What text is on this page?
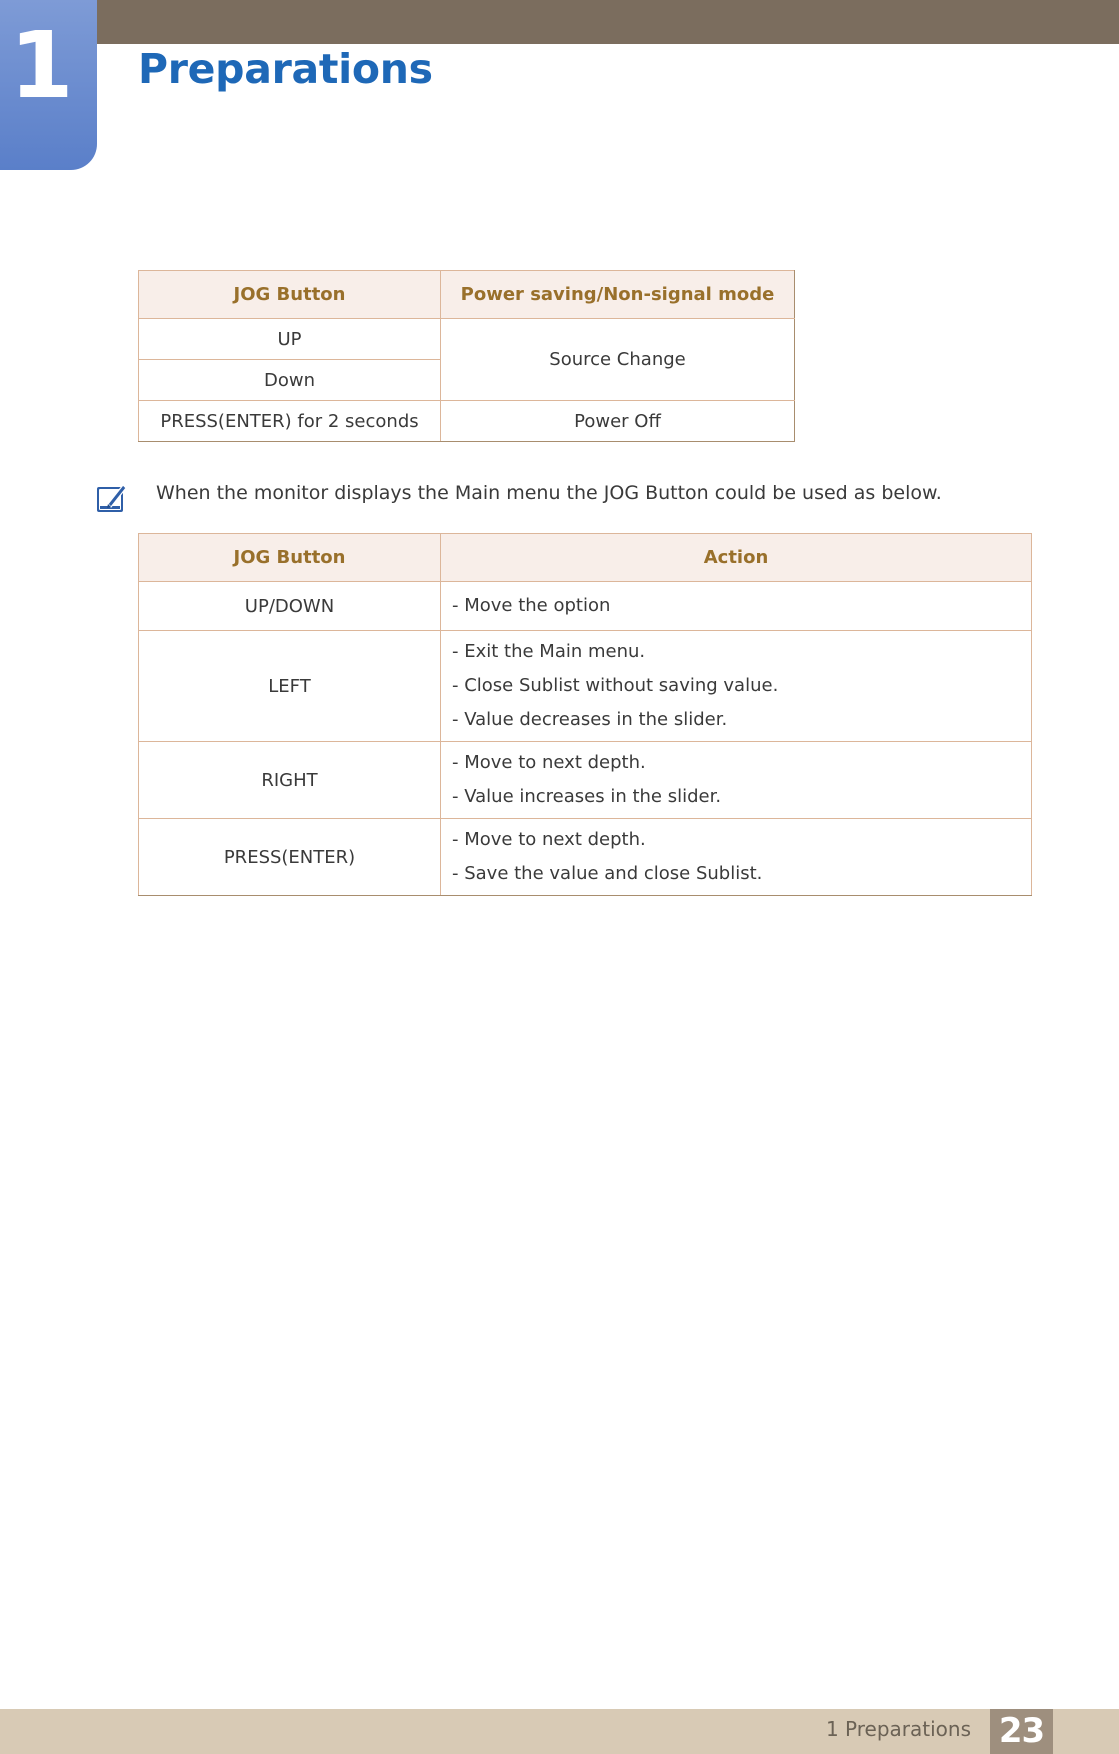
1	Preparations
JOG Button	Power saving/Non-signal mode
UP	Source Change
Down	
PRESS(ENTER) for 2 seconds	Power Off

When the monitor displays the Main menu the JOG Button could be used as below.

JOG Button	Action
UP/DOWN	- Move the option

LEFT	- Exit the Main menu.
- Close Sublist without saving value.
- Value decreases in the slider.

RIGHT	- Move to next depth.
- Value increases in the slider.

PRESS(ENTER)	- Move to next depth.
- Save the value and close Sublist.
1 Preparations 23
